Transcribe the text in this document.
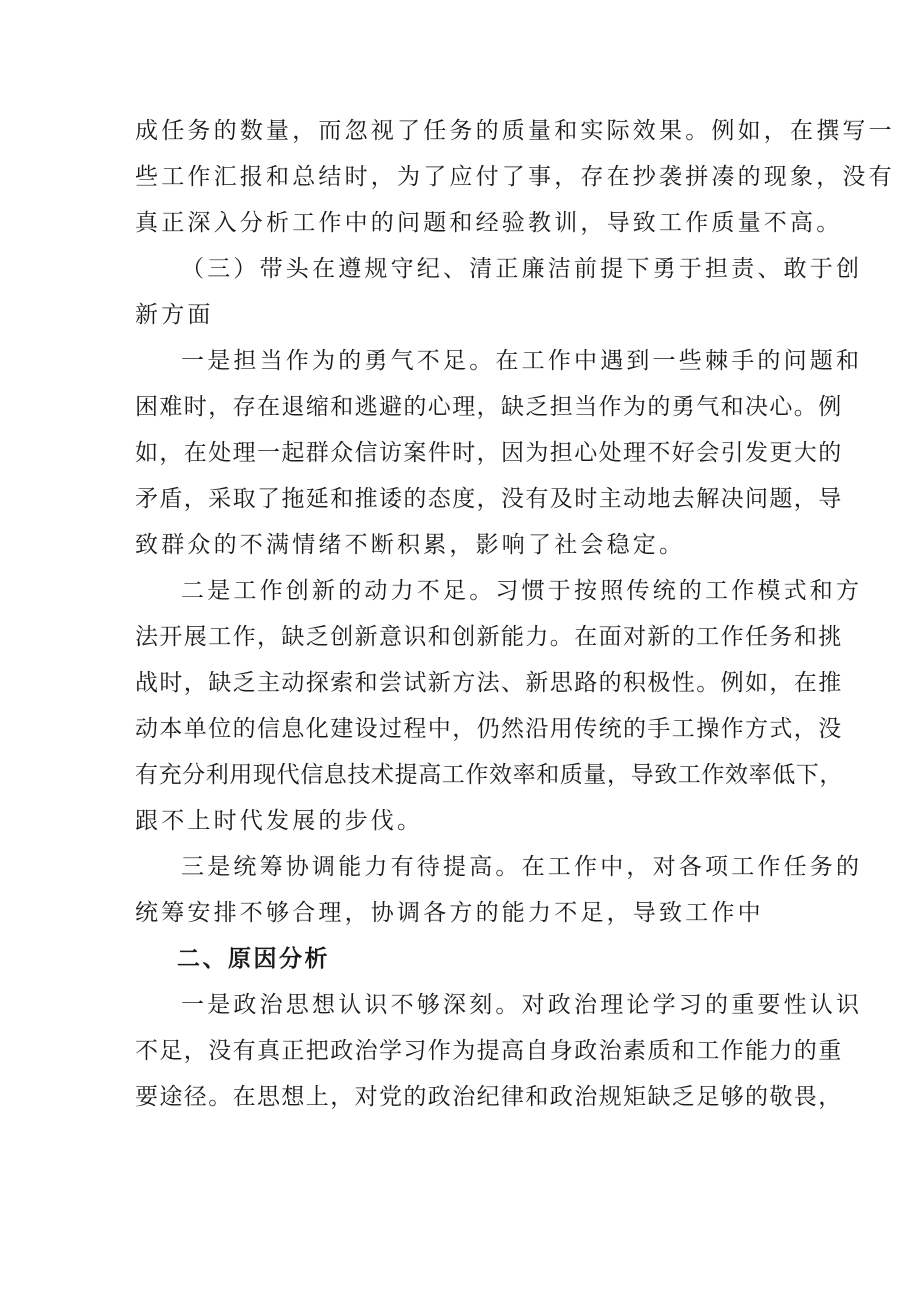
成任务的数量，而忽视了任务的质量和实际效果。例如，在撰写一
些工作汇报和总结时，为了应付了事，存在抄袭拼凑的现象，没有
真正深入分析工作中的问题和经验教训，导致工作质量不高。
（三）带头在遵规守纪、清正廉洁前提下勇于担责、敢于创
新方面
一是担当作为的勇气不足。在工作中遇到一些棘手的问题和
困难时，存在退缩和逃避的心理，缺乏担当作为的勇气和决心。例
如，在处理一起群众信访案件时，因为担心处理不好会引发更大的
矛盾，采取了拖延和推诿的态度，没有及时主动地去解决问题，导
致群众的不满情绪不断积累，影响了社会稳定。
二是工作创新的动力不足。习惯于按照传统的工作模式和方
法开展工作，缺乏创新意识和创新能力。在面对新的工作任务和挑
战时，缺乏主动探索和尝试新方法、新思路的积极性。例如，在推
动本单位的信息化建设过程中，仍然沿用传统的手工操作方式，没
有充分利用现代信息技术提高工作效率和质量，导致工作效率低下，
跟不上时代发展的步伐。
三是统筹协调能力有待提高。在工作中，对各项工作任务的
统筹安排不够合理，协调各方的能力不足，导致工作中
二、原因分析
一是政治思想认识不够深刻。对政治理论学习的重要性认识
不足，没有真正把政治学习作为提高自身政治素质和工作能力的重
要途径。在思想上，对党的政治纪律和政治规矩缺乏足够的敬畏，
